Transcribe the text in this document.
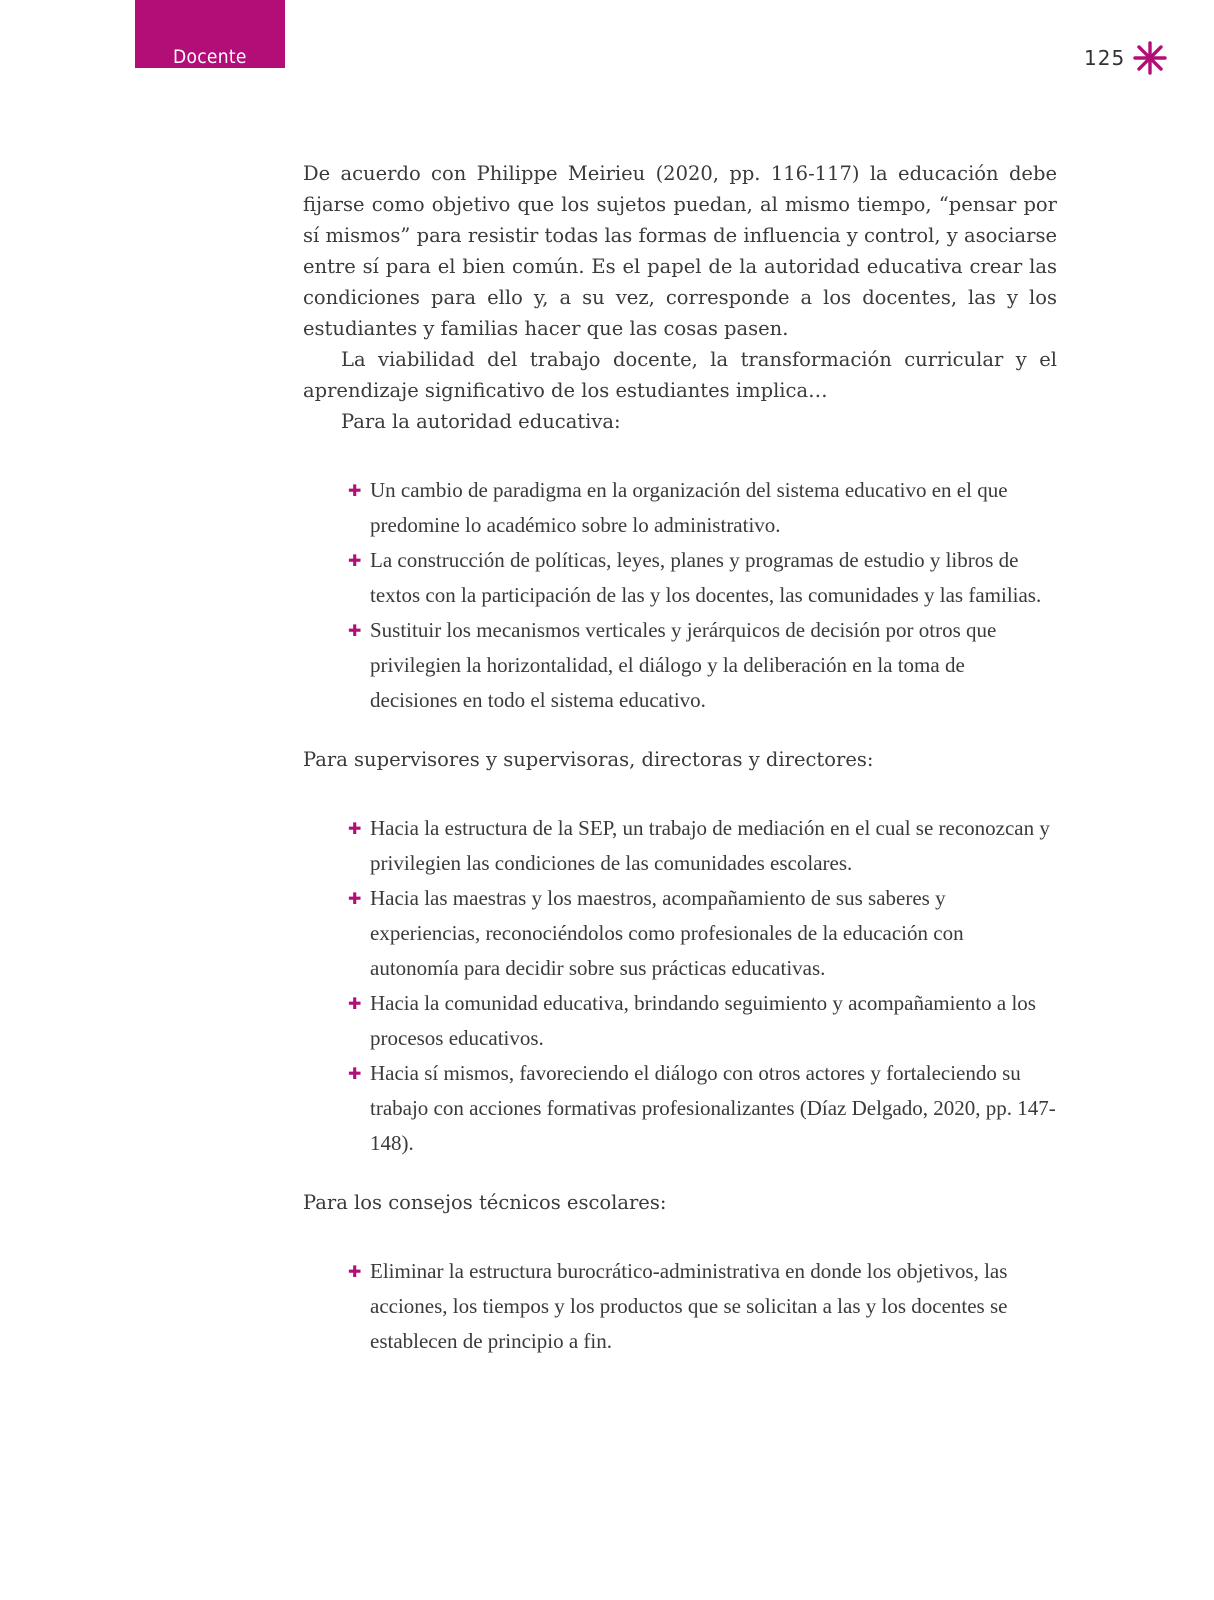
Docente	125

De acuerdo con Philippe Meirieu (2020, pp. 116-117) la educación debe fijarse como objetivo que los sujetos puedan, al mismo tiempo, “pensar por sí mismos” para resistir todas las formas de influencia y control, y asociarse entre sí para el bien común. Es el papel de la autoridad educativa crear las condiciones para ello y, a su vez, corresponde a los docentes, las y los estudiantes y familias hacer que las cosas pasen.

La viabilidad del trabajo docente, la transformación curricular y el aprendizaje significativo de los estudiantes implica…

Para la autoridad educativa:

✚ Un cambio de paradigma en la organización del sistema educativo en el que predomine lo académico sobre lo administrativo.
✚ La construcción de políticas, leyes, planes y programas de estudio y libros de textos con la participación de las y los docentes, las comunidades y las familias.
✚ Sustituir los mecanismos verticales y jerárquicos de decisión por otros que privilegien la horizontalidad, el diálogo y la deliberación en la toma de decisiones en todo el sistema educativo.

Para supervisores y supervisoras, directoras y directores:

✚ Hacia la estructura de la SEP, un trabajo de mediación en el cual se reconozcan y privilegien las condiciones de las comunidades escolares.
✚ Hacia las maestras y los maestros, acompañamiento de sus saberes y experiencias, reconociéndolos como profesionales de la educación con autonomía para decidir sobre sus prácticas educativas.
✚ Hacia la comunidad educativa, brindando seguimiento y acompañamiento a los procesos educativos.
✚ Hacia sí mismos, favoreciendo el diálogo con otros actores y fortaleciendo su trabajo con acciones formativas profesionalizantes (Díaz Delgado, 2020, pp. 147-148).

Para los consejos técnicos escolares:

✚ Eliminar la estructura burocrático-administrativa en donde los objetivos, las acciones, los tiempos y los productos que se solicitan a las y los docentes se establecen de principio a fin.
